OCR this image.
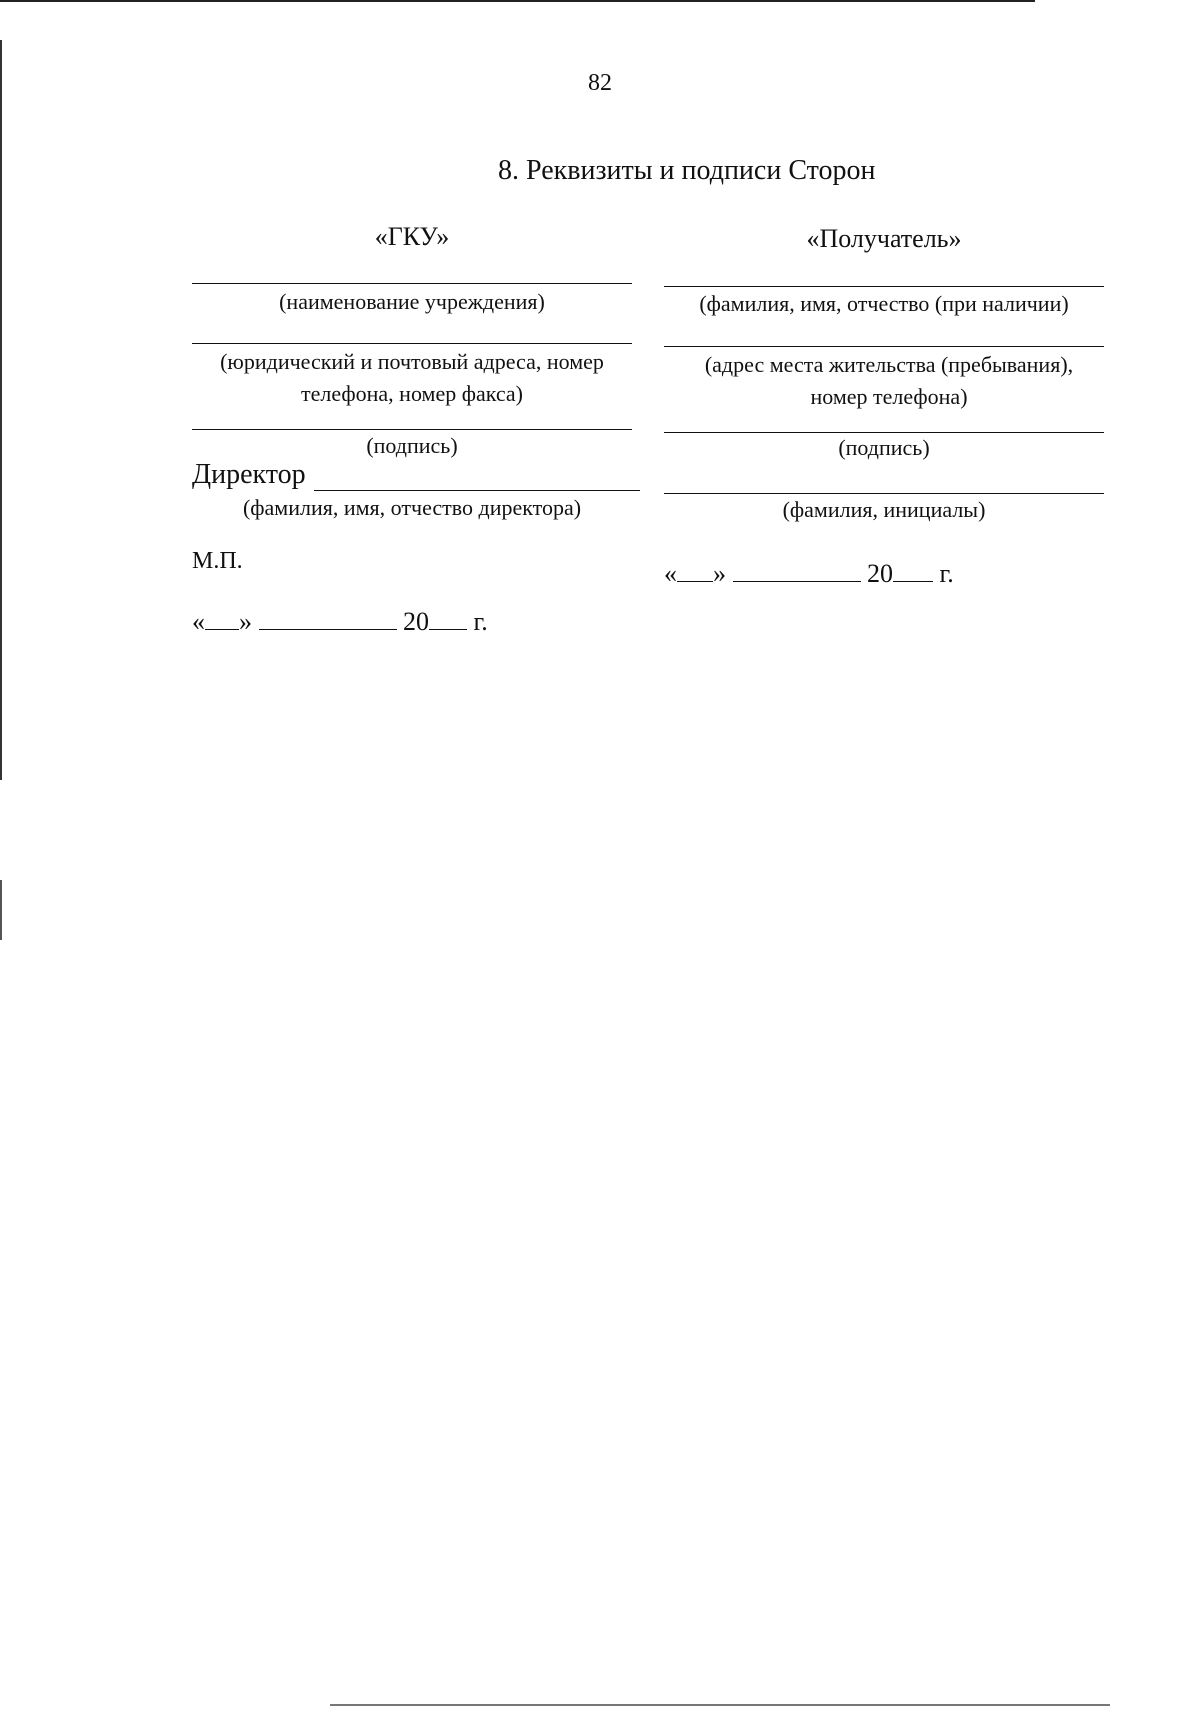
82
8. Реквизиты и подписи Сторон
«ГКУ»
(наименование учреждения)
(юридический и почтовый адреса, номер телефона, номер факса)
(подпись)
Директор
(фамилия, имя, отчество директора)
М.П.
« »	20 г.
«Получатель»
(фамилия, имя, отчество (при наличии)
(адрес места жительства (пребывания), номер телефона)
(подпись)
(фамилия, инициалы)
« »	20 г.
